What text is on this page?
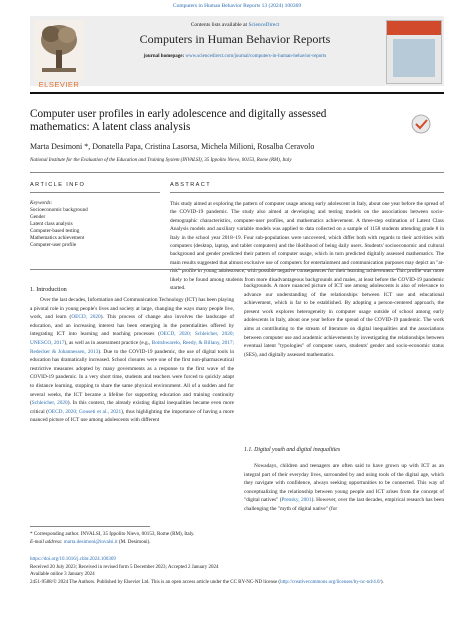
Computers in Human Behavior Reports 13 (2024) 100369
ELSEVIER
Contents lists available at ScienceDirect
Computers in Human Behavior Reports
journal homepage: www.sciencedirect.com/journal/computers-in-human-behavior-reports
Computer user profiles in early adolescence and digitally assessed mathematics: A latent class analysis
Marta Desimoni *, Donatella Papa, Cristina Lasorsa, Michela Milioni, Rosalba Ceravolo
National Institute for the Evaluation of the Education and Training System (INVALSI), 35 Ippolito Nievo, 00153, Rome (RM), Italy
ARTICLE INFO
Keywords:
Socioeconomic background
Gender
Latent class analysis
Computer-based testing
Mathematics achievement
Computer-user profile
ABSTRACT
This study aimed at exploring the pattern of computer usage among early adolescent in Italy, about one year before the spread of the COVID-19 pandemic. The study also aimed at developing and testing models on the associations between socio-demographic characteristics, computer-user profiles, and mathematics achievement. A three-step estimation of Latent Class Analysis models and auxiliary variable models was applied to data collected on a sample of 1158 students attending grade 8 in Italy in the school year 2018–19. Four sub-populations were uncovered, which differ both with regards to their activities with computers (desktop, laptop, and tablet computers) and the likelihood of being daily users. Students' socioeconomic and cultural background and gender predicted their pattern of computer usage, which in turn predicted digitally assessed mathematics. The main results suggested that almost exclusive use of computers for entertainment and communication purposes may depict an "at-risk" profile in young adolescence, with possible negative consequences for their learning achievement. This profile was more likely to be found among students from more disadvantageous backgrounds and males, at least before the COVID-19 pandemic started.
1. Introduction
Over the last decades, Information and Communication Technology (ICT) has been playing a pivotal role in young people's lives and society at large, changing the ways many people live, work, and learn (OECD, 2020). This process of change also involves the landscape of education, and an increasing interest has been emerging in the potentialities offered by integrating ICT into learning and teaching processes (OECD, 2020; Schleicher, 2020; UNESCO, 2017), as well as in assessment practice (e.g., Boitshwarelo, Reedy, & Billany, 2017; Redecker & Johannessen, 2013). Due to the COVID-19 pandemic, the use of digital tools in education has dramatically increased. School closures were one of the first non-pharmaceutical restrictive measures adopted by many governments as a response to the first wave of the COVID-19 pandemic. In a very short time, students and teachers were forced to quickly adapt to distance learning, stopping to share the same physical environment. All of a sudden and for several weeks, the ICT became a lifeline for supporting education and training continuity (Schleicher, 2020). In this context, the already existing digital inequalities became even more critical (OECD, 2020; Gouseti et al., 2021), thus highlighting the importance of having a more nuanced picture of ICT use among adolescents with different
backgrounds. A more nuanced picture of ICT use among adolescents is also of relevance to advance our understanding of the relationships between ICT use and educational achievement, which is far to be established. By adopting a person-centered approach, the present work explores heterogeneity in computer usage outside of school among early adolescents in Italy, about one year before the spread of the COVID-19 pandemic. The work aims at contributing to the stream of literature on digital inequalities and the associations between computer use and academic achievements by investigating the relationships between eventual latent "typologies" of computer users, students' gender and socio-economic status (SES), and digitally assessed mathematics.
1.1. Digital youth and digital inequalities
Nowadays, children and teenagers are often said to have grown up with ICT as an integral part of their everyday lives, surrounded by and using tools of the digital age, which they navigate with confidence, always seeking opportunities to be connected. This way of conceptualizing the relationship between young people and ICT arises from the concept of "digital natives" (Prensky, 2001). However, over the last decades, empirical research has been challenging the "myth of digital native" (for
* Corresponding author. INVALSI, 35 Ippolito Nievo, 00153, Rome (RM), Italy.
E-mail address: marta.desimoni@invalsi.it (M. Desimoni).
https://doi.org/10.1016/j.chbr.2024.100369
Received 20 July 2023; Received in revised form 5 December 2023; Accepted 2 January 2024
Available online 3 January 2024
2451-9588/© 2024 The Authors. Published by Elsevier Ltd. This is an open access article under the CC BY-NC-ND license (http://creativecommons.org/licenses/by-nc-nd/4.0/).
